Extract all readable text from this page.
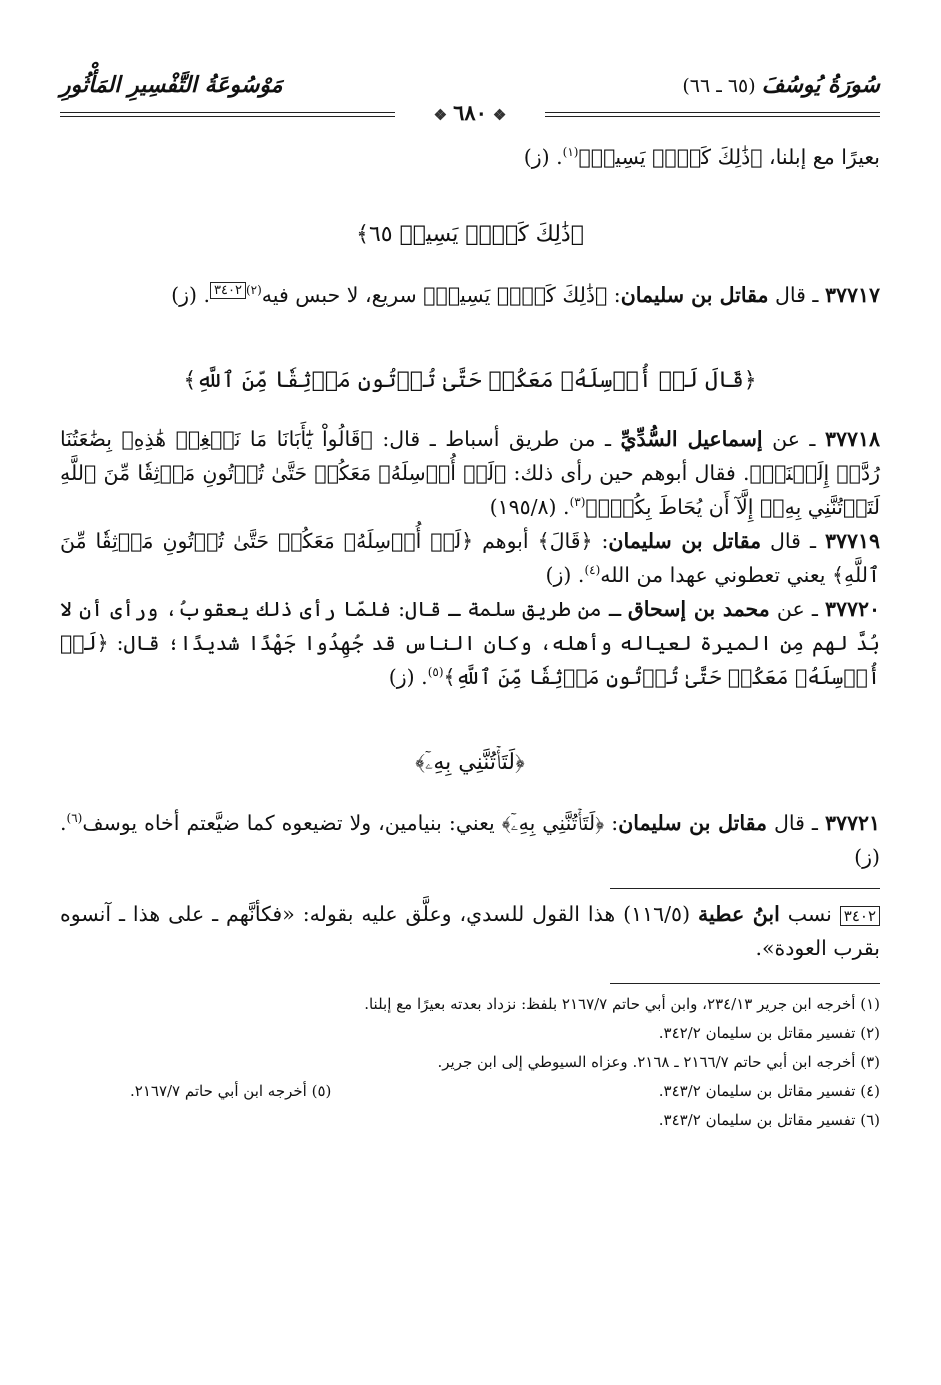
سُورَةُ يُوسُفَ(٦٥ ـ ٦٦)
مَوْسُوعَةُ التَّفْسِيرِ المَأْثُورِ
❖٦٨٠❖

بعيرًا مع إبلنا، ﴿ذَٰلِكَ كَيۡلٞ يَسِيرٞ﴾$^{(١)}$. (ز)

﴿ذَٰلِكَ كَيۡلٞ يَسِيرٞ ٦٥﴾

٣٧٧١٧ ـ قال مقاتل بن سليمان: ﴿ذَٰلِكَ كَيۡلٞ يَسِيرٞ﴾ سريع، لا حبس فيه$^{(٢)}$٣٤٠٢. (ز)

﴿قَالَ لَنۡ أُرۡسِلَهُۥ مَعَكُمۡ حَتَّىٰ تُؤۡتُونِ مَوۡثِقٗا مِّنَ ٱللَّهِ﴾

٣٧٧١٨ ـ عن إسماعيل السُّدِّيِّ ـ من طريق أسباط ـ قال: ﴿قَالُواْ يَٰٓأَبَانَا مَا نَبۡغِيۖ هَٰذِهِۦ بِضَٰعَتُنَا رُدَّتۡ إِلَيۡنَاۖ﴾. فقال أبوهم حين رأى ذلك: ﴿لَنۡ أُرۡسِلَهُۥ مَعَكُمۡ حَتَّىٰ تُؤۡتُونِ مَوۡثِقٗا مِّنَ ٱللَّهِ لَتَأۡتُنَّنِي بِهِۦٓ إِلَّآ أَن يُحَاطَ بِكُمۡۖ﴾$^{(٣)}$. (١٩٥/٨)

٣٧٧١٩ ـ قال مقاتل بن سليمان: ﴿قَالَ﴾ أبوهم ﴿لَنۡ أُرۡسِلَهُۥ مَعَكُمۡ حَتَّىٰ تُؤۡتُونِ مَوۡثِقٗا مِّنَ ٱللَّهِ﴾ يعني تعطوني عهدا من الله$^{(٤)}$. (ز)

٣٧٧٢٠ ـ عن محمد بن إسحاق ـ من طريق سلمة ـ قال: فلمّا رأى ذلك يعقوبُ، ورأى أن لا بُدَّ لهم مِن الميرة لعياله وأهله، وكان الناس قد جُهِدُوا جَهْدًا شديدًا؛ قال: ﴿لَنۡ أُرۡسِلَهُۥ مَعَكُمۡ حَتَّىٰ تُؤۡتُونِ مَوۡثِقٗا مِّنَ ٱللَّهِ﴾$^{(٥)}$. (ز)

﴿لَتَأۡتُنَّنِي بِهِۦٓ﴾

٣٧٧٢١ ـ قال مقاتل بن سليمان: ﴿لَتَأۡتُنَّنِي بِهِۦٓ﴾ يعني: بنيامين، ولا تضيعوه كما ضيَّعتم أخاه يوسف$^{(٦)}$. (ز)

٣٤٠٢ نسب ابنُ عطية (١١٦/٥) هذا القول للسدي، وعلَّق عليه بقوله: «فكأنَّهم ـ على هذا ـ آنسوه بقرب العودة».

(١) أخرجه ابن جرير ٢٣٤/١٣، وابن أبي حاتم ٢١٦٧/٧ بلفظ: نزداد بعدته بعيرًا مع إبلنا.

(٢) تفسير مقاتل بن سليمان ٣٤٢/٢.

(٣) أخرجه ابن أبي حاتم ٢١٦٦/٧ ـ ٢١٦٨. وعزاه السيوطي إلى ابن جرير.

(٤) تفسير مقاتل بن سليمان ٣٤٣/٢.
(٥) أخرجه ابن أبي حاتم ٢١٦٧/٧.

(٦) تفسير مقاتل بن سليمان ٣٤٣/٢.
